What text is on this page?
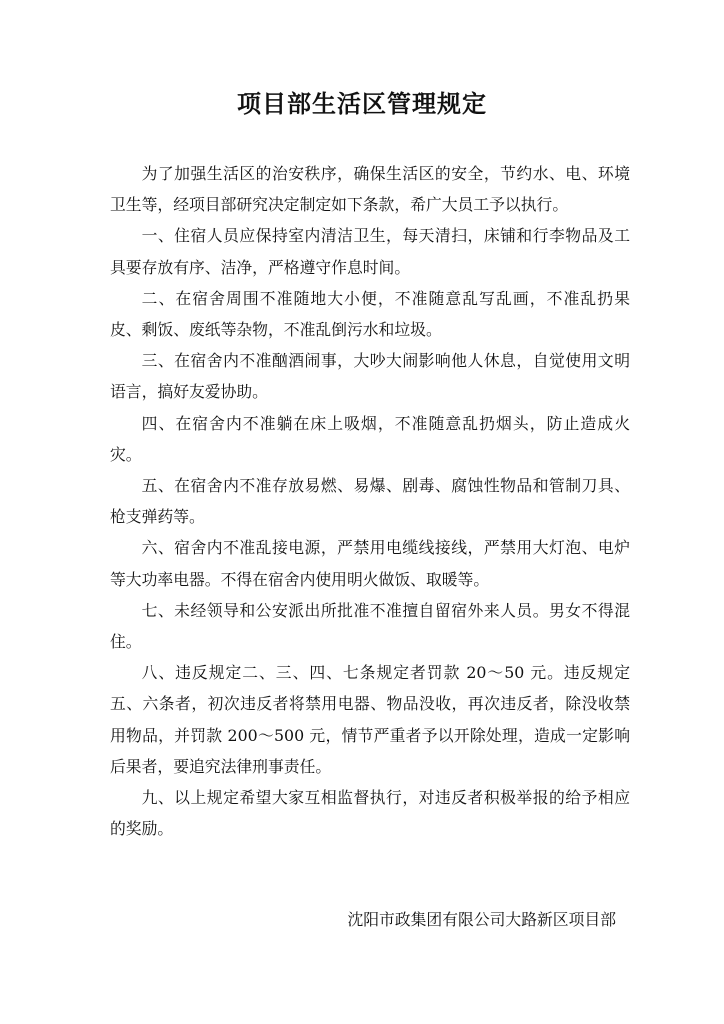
项目部生活区管理规定

为了加强生活区的治安秩序，确保生活区的安全，节约水、电、环境卫生等，经项目部研究决定制定如下条款，希广大员工予以执行。

一、住宿人员应保持室内清洁卫生，每天清扫，床铺和行李物品及工具要存放有序、洁净，严格遵守作息时间。

二、在宿舍周围不准随地大小便，不准随意乱写乱画，不准乱扔果皮、剩饭、废纸等杂物，不准乱倒污水和垃圾。

三、在宿舍内不准酗酒闹事，大吵大闹影响他人休息，自觉使用文明语言，搞好友爱协助。

四、在宿舍内不准躺在床上吸烟，不准随意乱扔烟头，防止造成火灾。

五、在宿舍内不准存放易燃、易爆、剧毒、腐蚀性物品和管制刀具、枪支弹药等。

六、宿舍内不准乱接电源，严禁用电缆线接线，严禁用大灯泡、电炉等大功率电器。不得在宿舍内使用明火做饭、取暖等。

七、未经领导和公安派出所批准不准擅自留宿外来人员。男女不得混住。

八、违反规定二、三、四、七条规定者罚款 20～50 元。违反规定五、六条者，初次违反者将禁用电器、物品没收，再次违反者，除没收禁用物品，并罚款 200～500 元，情节严重者予以开除处理，造成一定影响后果者，要追究法律刑事责任。

九、以上规定希望大家互相监督执行，对违反者积极举报的给予相应的奖励。

沈阳市政集团有限公司大路新区项目部
